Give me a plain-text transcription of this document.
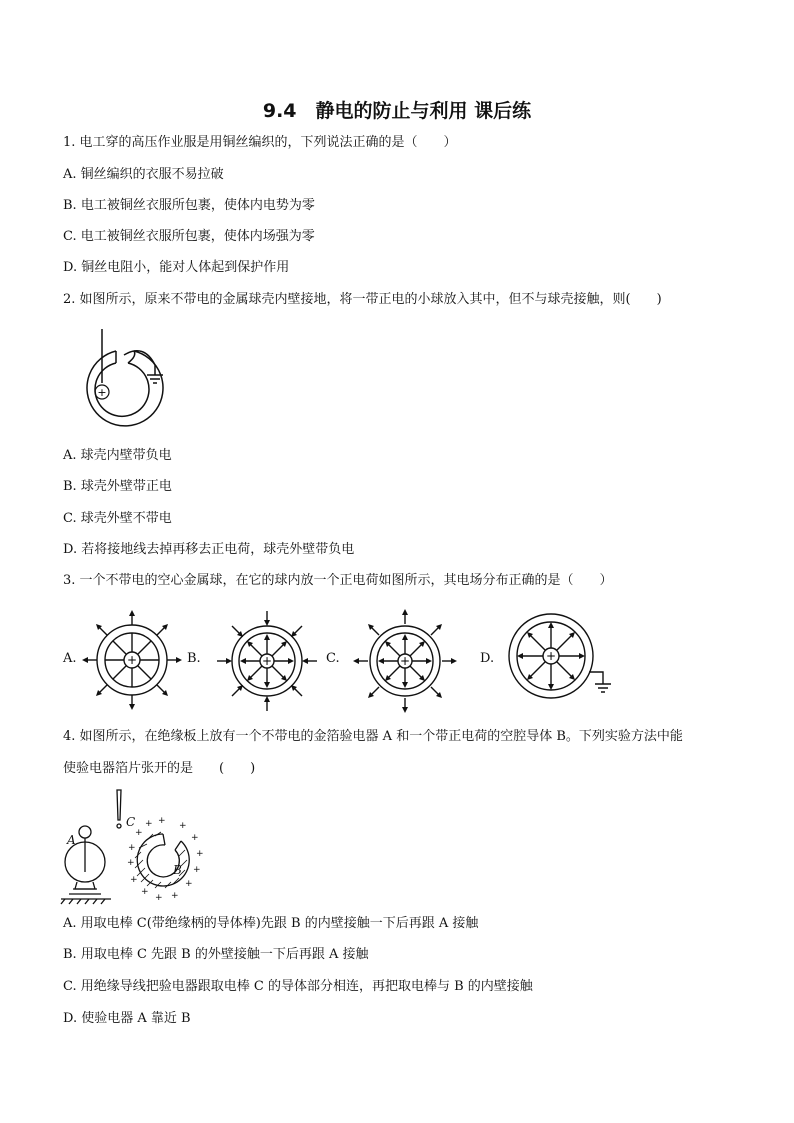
9.4　静电的防止与利用 课后练
1. 电工穿的高压作业服是用铜丝编织的，下列说法正确的是（　　）
A. 铜丝编织的衣服不易拉破
B. 电工被铜丝衣服所包裹，使体内电势为零
C. 电工被铜丝衣服所包裹，使体内场强为零
D. 铜丝电阻小，能对人体起到保护作用
2. 如图所示，原来不带电的金属球壳内壁接地，将一带正电的小球放入其中，但不与球壳接触，则(　　)
+
A. 球壳内壁带负电
B. 球壳外壁带正电
C. 球壳外壁不带电
D. 若将接地线去掉再移去正电荷，球壳外壁带负电
3. 一个不带电的空心金属球，在它的球内放一个正电荷如图所示，其电场分布正确的是（　　）
A.	+	B.	+	C.	+	D.	+
4. 如图所示，在绝缘板上放有一个不带电的金箔验电器 A 和一个带正电荷的空腔导体 B。下列实验方法中能
使验电器箔片张开的是　　(　　)
+
+ + +
+
+
+
+
+
+
+
+
+
+
A
C
B
A. 用取电棒 C(带绝缘柄的导体棒)先跟 B 的内壁接触一下后再跟 A 接触
B. 用取电棒 C 先跟 B 的外壁接触一下后再跟 A 接触
C. 用绝缘导线把验电器跟取电棒 C 的导体部分相连，再把取电棒与 B 的内壁接触
D. 使验电器 A 靠近 B
